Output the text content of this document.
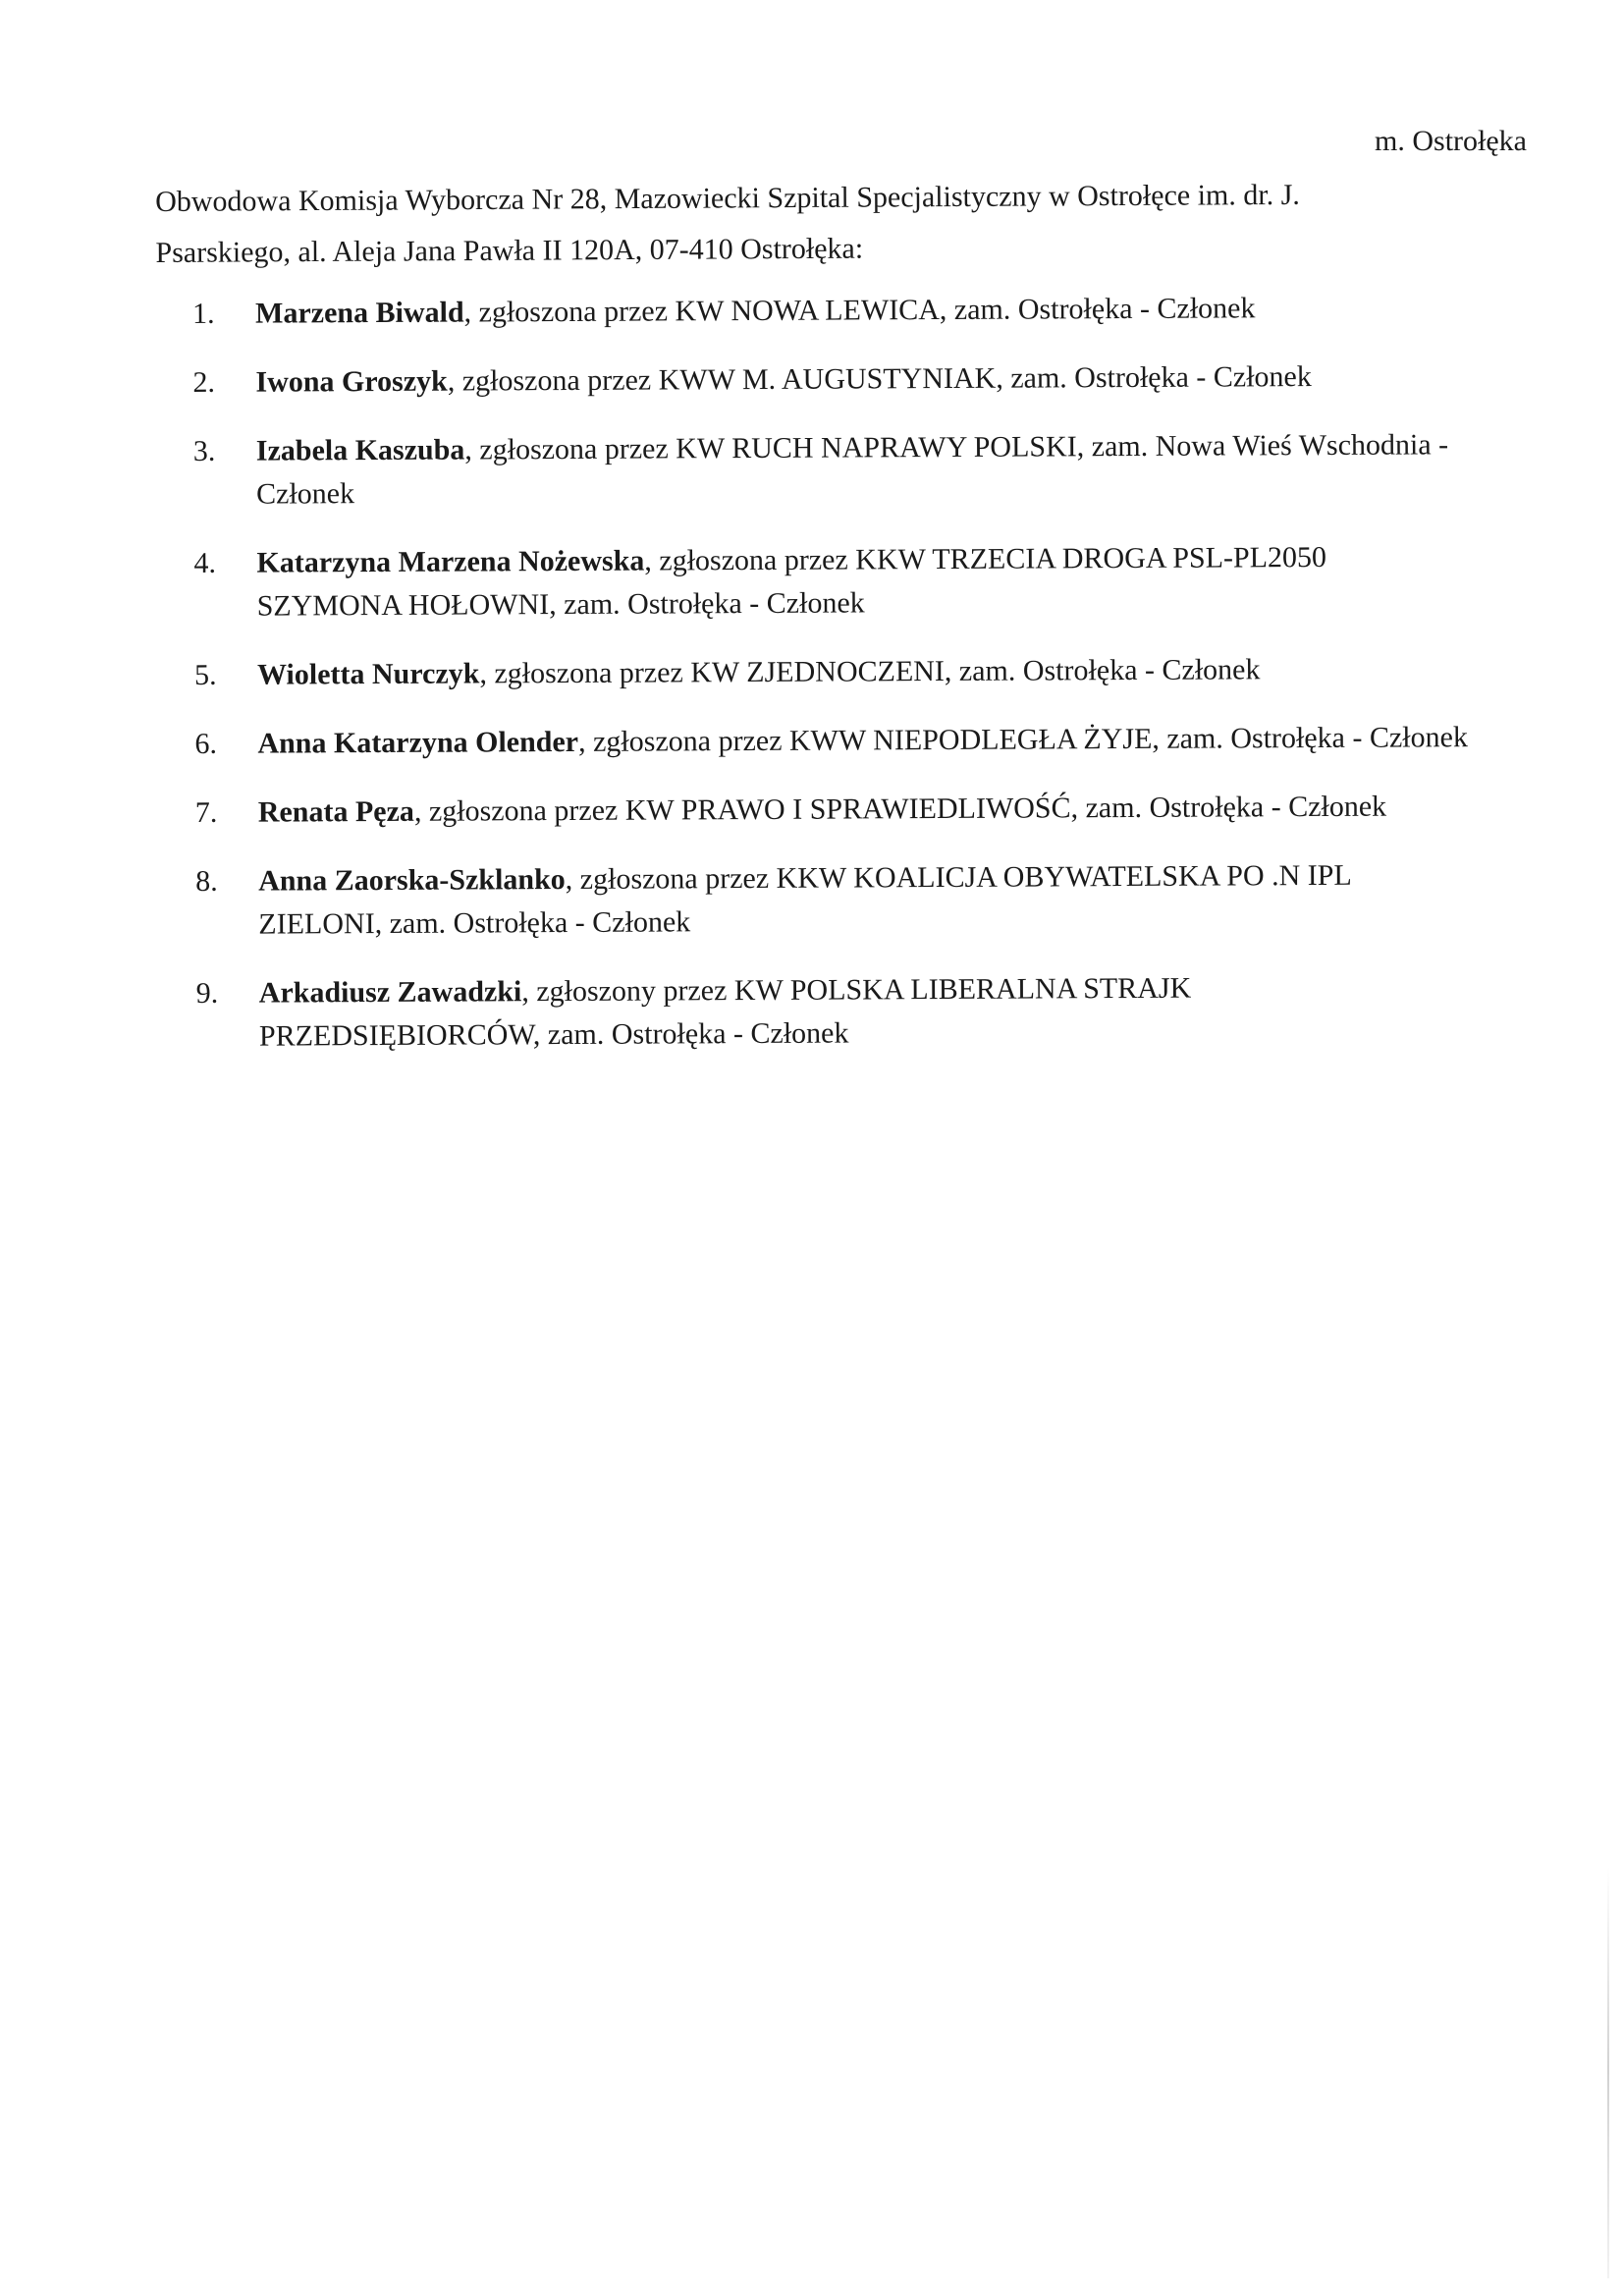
m. Ostrołęka
Obwodowa Komisja Wyborcza Nr 28, Mazowiecki Szpital Specjalistyczny w Ostrołęce im. dr. J. Psarskiego, al. Aleja Jana Pawła II 120A, 07-410 Ostrołęka:
1.	Marzena Biwald, zgłoszona przez KW NOWA LEWICA, zam. Ostrołęka - Członek
2.	Iwona Groszyk, zgłoszona przez KWW M. AUGUSTYNIAK, zam. Ostrołęka - Członek
3.	Izabela Kaszuba, zgłoszona przez KW RUCH NAPRAWY POLSKI, zam. Nowa Wieś Wschodnia - Członek
4.	Katarzyna Marzena Nożewska, zgłoszona przez KKW TRZECIA DROGA PSL-PL2050 SZYMONA HOŁOWNI, zam. Ostrołęka - Członek
5.	Wioletta Nurczyk, zgłoszona przez KW ZJEDNOCZENI, zam. Ostrołęka - Członek
6.	Anna Katarzyna Olender, zgłoszona przez KWW NIEPODLEGŁA ŻYJE, zam. Ostrołęka - Członek
7.	Renata Pęza, zgłoszona przez KW PRAWO I SPRAWIEDLIWOŚĆ, zam. Ostrołęka - Członek
8.	Anna Zaorska-Szklanko, zgłoszona przez KKW KOALICJA OBYWATELSKA PO .N IPL ZIELONI, zam. Ostrołęka - Członek
9.	Arkadiusz Zawadzki, zgłoszony przez KW POLSKA LIBERALNA STRAJK PRZEDSIĘBIORCÓW, zam. Ostrołęka - Członek
